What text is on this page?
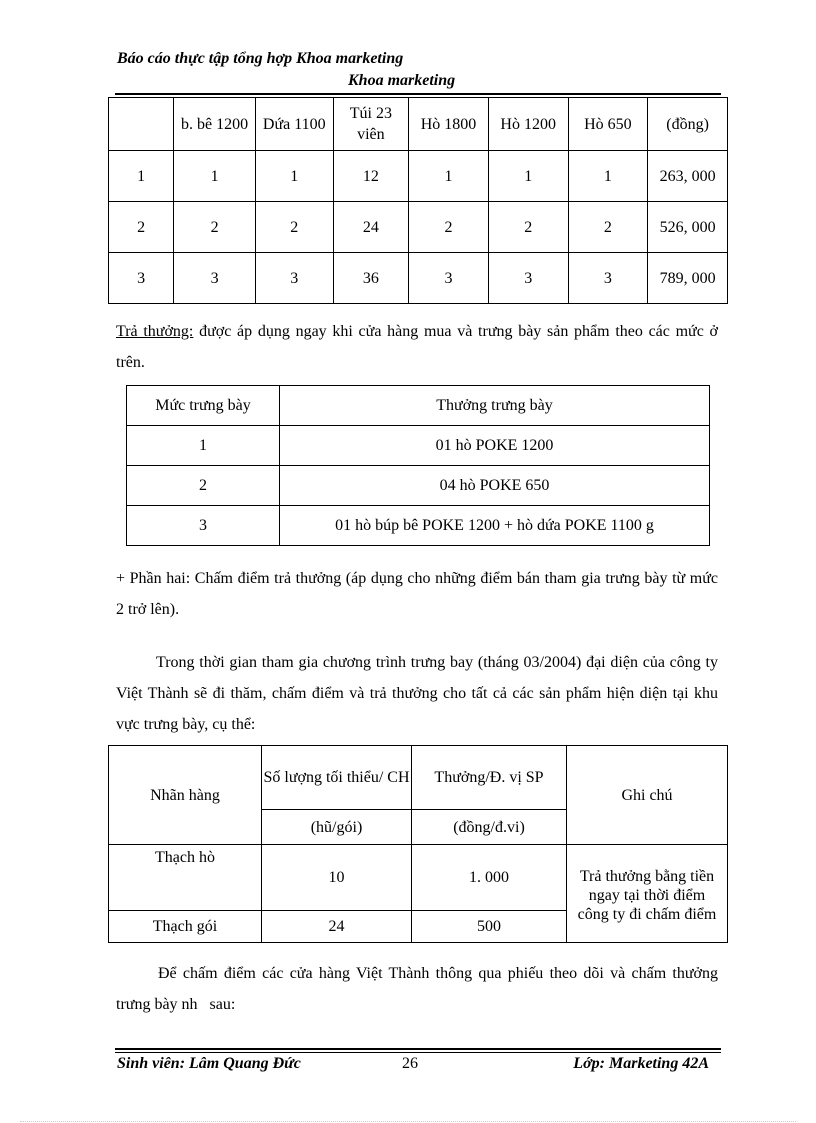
Báo cáo thực tập tổng hợp Khoa marketing
Khoa marketing
	b. bê 1200	Dứa 1100	Túi 23 viên	Hò 1800	Hò 1200	Hò 650	(đồng)
1	1	1	12	1	1	1	263, 000
2	2	2	24	2	2	2	526, 000
3	3	3	36	3	3	3	789, 000
Trả thưởng: được áp dụng ngay khi cửa hàng mua và trưng bày sản phẩm theo các mức ở trên.
Mức trưng bày	Thưởng trưng bày
1	01 hò POKE 1200
2	04 hò POKE 650
3	01 hò búp bê POKE 1200 + hò dứa POKE 1100 g
+ Phần hai: Chấm điểm trả thưởng (áp dụng cho những điểm bán tham gia trưng bày từ mức 2 trở lên).
Trong thời gian tham gia chương trình trưng bay (tháng 03/2004) đại diện của công ty Việt Thành sẽ đi thăm, chấm điểm và trả thưởng cho tất cả các sản phẩm hiện diện tại khu vực trưng bày, cụ thể:
Nhãn hàng	Số lượng tối thiểu/ CH	Thưởng/Đ. vị SP	Ghi chú
	(hũ/gói)	(đồng/đ.vi)	
Thạch hò	10	1. 000	Trả thưởng bằng tiền ngay tại thời điểm công ty đi chấm điểm
Thạch gói	24	500	
Để chấm điểm các cửa hàng Việt Thành thông qua phiếu theo dõi và chấm thưởng trưng bày nh   sau:
Sinh viên: Lâm Quang Đức	26	Lớp: Marketing 42A
